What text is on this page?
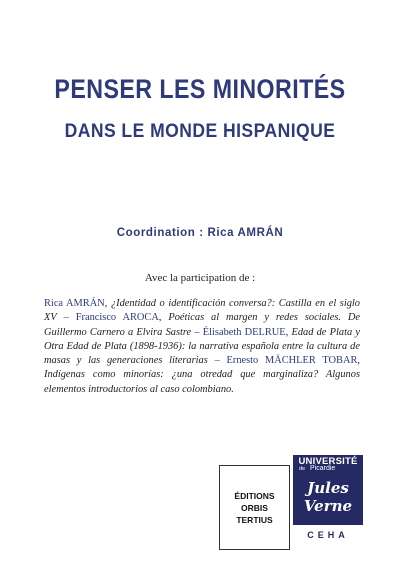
PENSER LES MINORITÉS
DANS LE MONDE HISPANIQUE
Coordination : Rica AMRÁN
Avec la participation de :
Rica AMRÁN, ¿Identidad o identificación conversa?: Castilla en el siglo XV – Francisco AROCA, Poéticas al margen y redes sociales. De Guillermo Carnero a Elvira Sastre – Élisabeth DELRUE, Edad de Plata y Otra Edad de Plata (1898-1936): la narrativa española entre la cultura de masas y las generaciones literarias – Ernesto MÄCHLER TOBAR, Indígenas como minorías: ¿una otredad que marginaliza? Algunos elementos introductorios al caso colombiano.
ÉDITIONS
ORBIS
TERTIUS
UNIVERSITÉ
de Picardie
Jules Verne
CEHA
